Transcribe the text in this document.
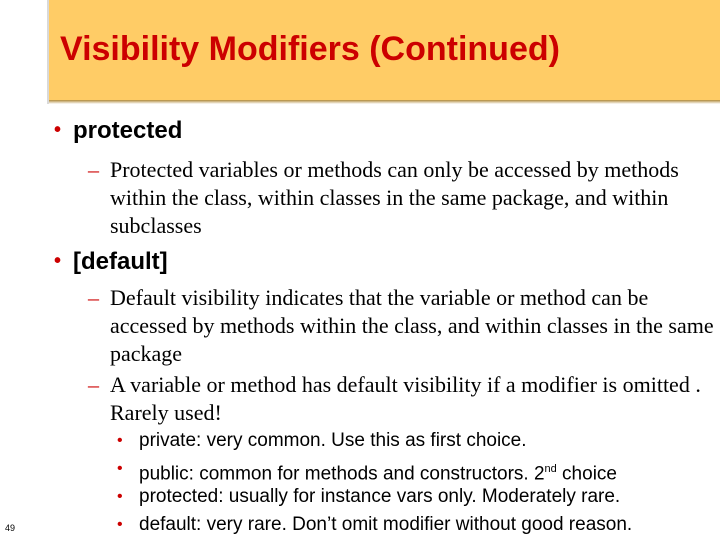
Visibility Modifiers (Continued)
• protected
– Protected variables or methods can only be accessed by methods within the class, within classes in the same package, and within subclasses
• [default]
– Default visibility indicates that the variable or method can be accessed by methods within the class, and within classes in the same package
– A variable or method has default visibility if a modifier is omitted . Rarely used!
• private: very common. Use this as first choice.
• public: common for methods and constructors. 2nd choice
• protected: usually for instance vars only. Moderately rare.
• default: very rare. Don’t omit modifier without good reason.
49
